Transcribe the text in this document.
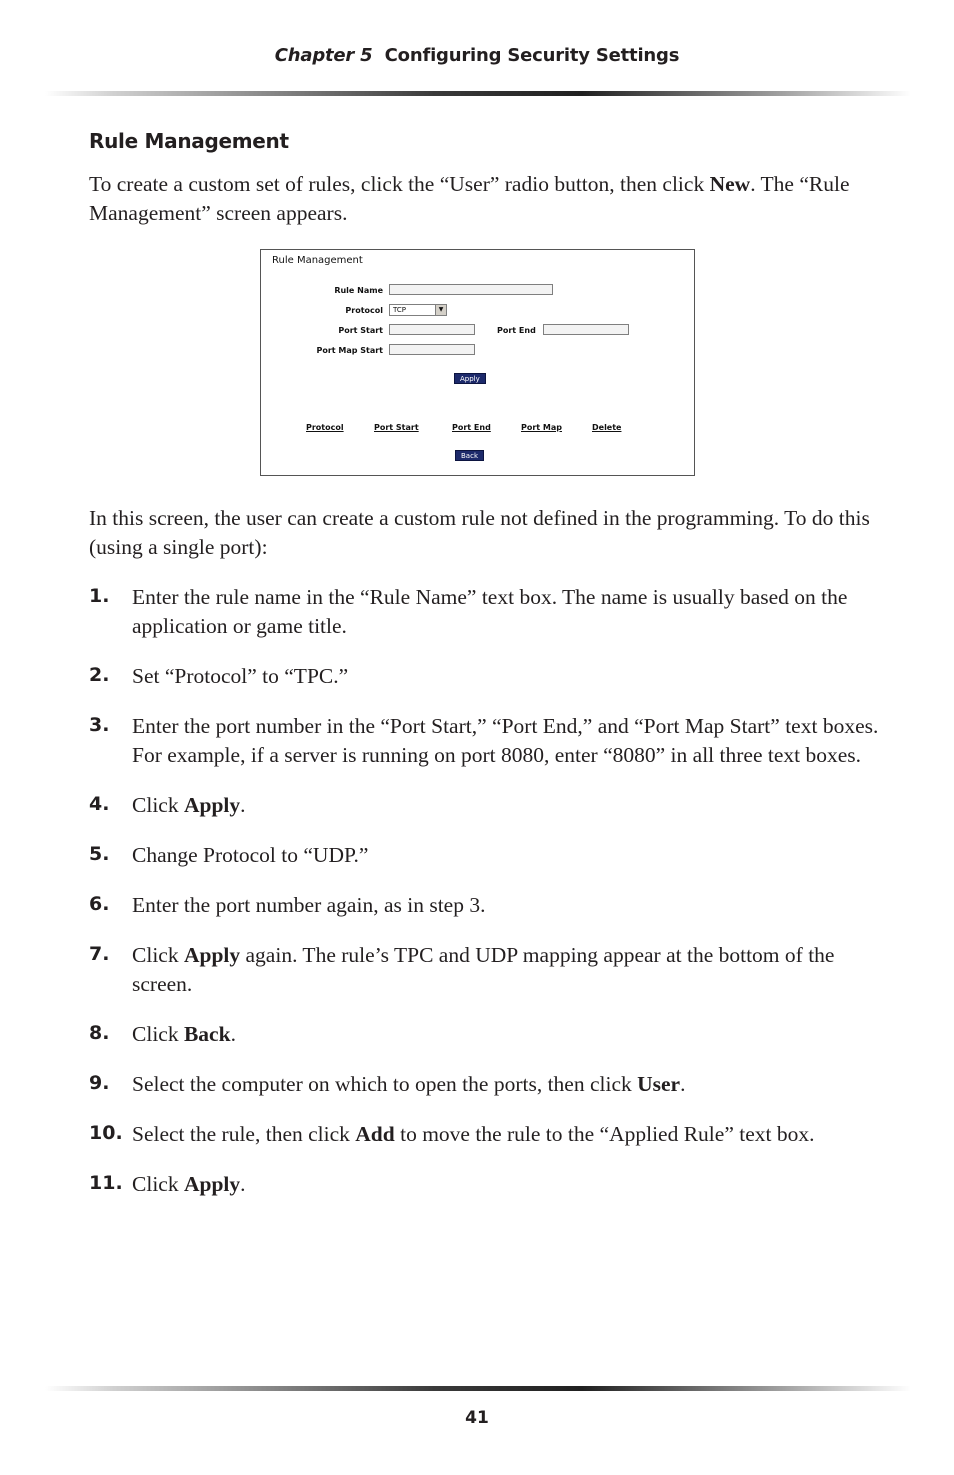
Chapter 5 Configuring Security Settings
Rule Management
To create a custom set of rules, click the “User” radio button, then click New. The “Rule Management” screen appears.
Rule Management
Rule Name
Protocol	TCP	▼
Port Start	Port End
Port Map Start
Apply
Protocol	Port Start	Port End	Port Map	Delete
Back
In this screen, the user can create a custom rule not defined in the programming. To do this (using a single port):
1. Enter the rule name in the “Rule Name” text box. The name is usually based on the application or game title.
2. Set “Protocol” to “TPC.”
3. Enter the port number in the “Port Start,” “Port End,” and “Port Map Start” text boxes. For example, if a server is running on port 8080, enter “8080” in all three text boxes.
4. Click Apply.
5. Change Protocol to “UDP.”
6. Enter the port number again, as in step 3.
7. Click Apply again. The rule’s TPC and UDP mapping appear at the bottom of the screen.
8. Click Back.
9. Select the computer on which to open the ports, then click User.
10. Select the rule, then click Add to move the rule to the “Applied Rule” text box.
11. Click Apply.
41
